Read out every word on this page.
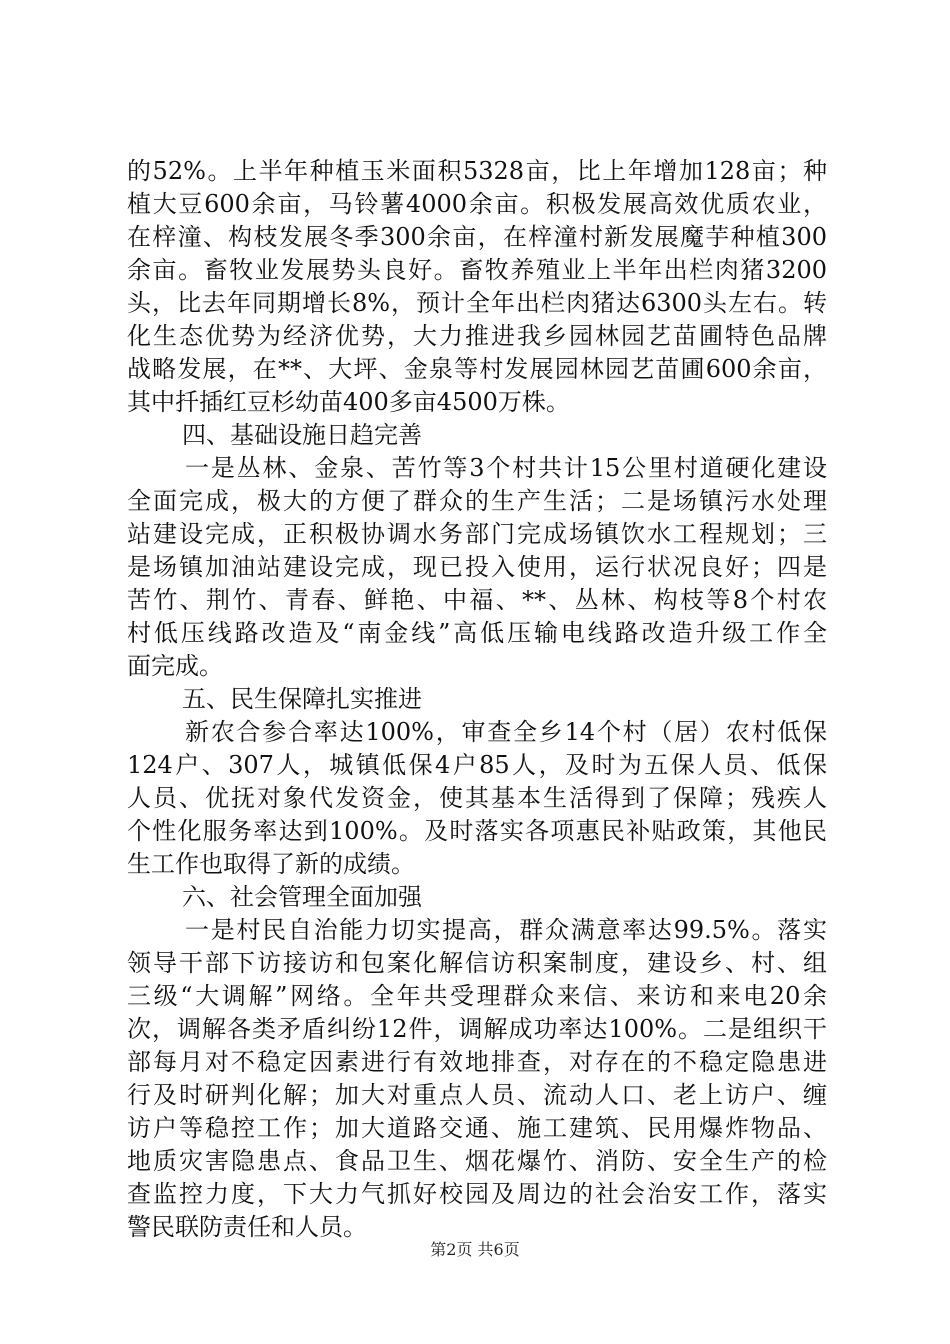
的52%。上半年种植玉米面积5328亩，比上年增加128亩；种
植大豆600余亩，马铃薯4000余亩。积极发展高效优质农业，
在梓潼、构枝发展冬季300余亩，在梓潼村新发展魔芋种植300
余亩。畜牧业发展势头良好。畜牧养殖业上半年出栏肉猪3200
头，比去年同期增长8%，预计全年出栏肉猪达6300头左右。转
化生态优势为经济优势，大力推进我乡园林园艺苗圃特色品牌
战略发展，在**、大坪、金泉等村发展园林园艺苗圃600余亩，
其中扦插红豆杉幼苗400多亩4500万株。
四、基础设施日趋完善
一是丛林、金泉、苦竹等3个村共计15公里村道硬化建设
全面完成，极大的方便了群众的生产生活；二是场镇污水处理
站建设完成，正积极协调水务部门完成场镇饮水工程规划；三
是场镇加油站建设完成，现已投入使用，运行状况良好；四是
苦竹、荆竹、青春、鲜艳、中福、**、丛林、构枝等8个村农
村低压线路改造及“南金线”高低压输电线路改造升级工作全
面完成。
五、民生保障扎实推进
新农合参合率达100%，审查全乡14个村（居）农村低保
124户、307人，城镇低保4户85人，及时为五保人员、低保
人员、优抚对象代发资金，使其基本生活得到了保障；残疾人
个性化服务率达到100%。及时落实各项惠民补贴政策，其他民
生工作也取得了新的成绩。
六、社会管理全面加强
一是村民自治能力切实提高，群众满意率达99.5%。落实
领导干部下访接访和包案化解信访积案制度，建设乡、村、组
三级“大调解”网络。全年共受理群众来信、来访和来电20余
次，调解各类矛盾纠纷12件，调解成功率达100%。二是组织干
部每月对不稳定因素进行有效地排查，对存在的不稳定隐患进
行及时研判化解；加大对重点人员、流动人口、老上访户、缠
访户等稳控工作；加大道路交通、施工建筑、民用爆炸物品、
地质灾害隐患点、食品卫生、烟花爆竹、消防、安全生产的检
查监控力度，下大力气抓好校园及周边的社会治安工作，落实
警民联防责任和人员。
第2页 共6页
